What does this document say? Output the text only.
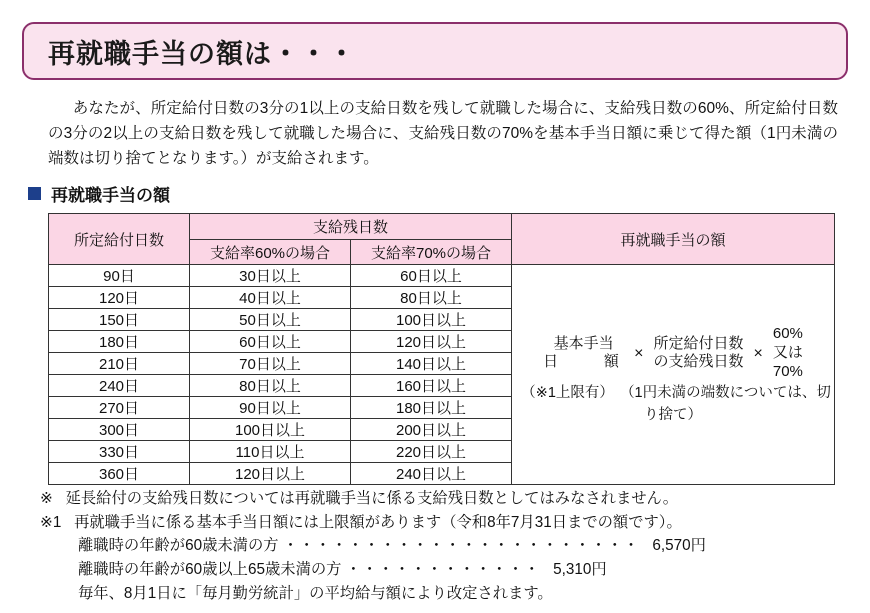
再就職手当の額は・・・

あなたが、所定給付日数の3分の1以上の支給日数を残して就職した場合に、支給残日数の60%、所定給付日数の3分の2以上の支給日数を残して就職した場合に、支給残日数の70%を基本手当日額に乗じて得た額（1円未満の端数は切り捨てとなります。）が支給されます。

再就職手当の額
所定給付日数	支給残日数		再就職手当の額
	支給率60%の場合	支給率70%の場合	
90日	30日以上	60日以上	
基本手当
日　　額
×
所定給付日数
の支給残日数
×
60%
又は
70%
（※1上限有） （1円未満の端数については、切り捨て）

120日	40日以上	80日以上	
150日	50日以上	100日以上	
180日	60日以上	120日以上	
210日	70日以上	140日以上	
240日	80日以上	160日以上	
270日	90日以上	180日以上	
300日	100日以上	200日以上	
330日	110日以上	220日以上	
360日	120日以上	240日以上	
※ 延長給付の支給残日数については再就職手当に係る支給残日数としてはみなされません。
※1 再就職手当に係る基本手当日額には上限額があります（令和8年7月31日までの額です）。
離職時の年齢が60歳未満の方 ・・・・・・・・・・・・・・・・・・・・・・ 6,570円
離職時の年齢が60歳以上65歳未満の方 ・・・・・・・・・・・・ 5,310円
毎年、8月1日に「毎月勤労統計」の平均給与額により改定されます。
